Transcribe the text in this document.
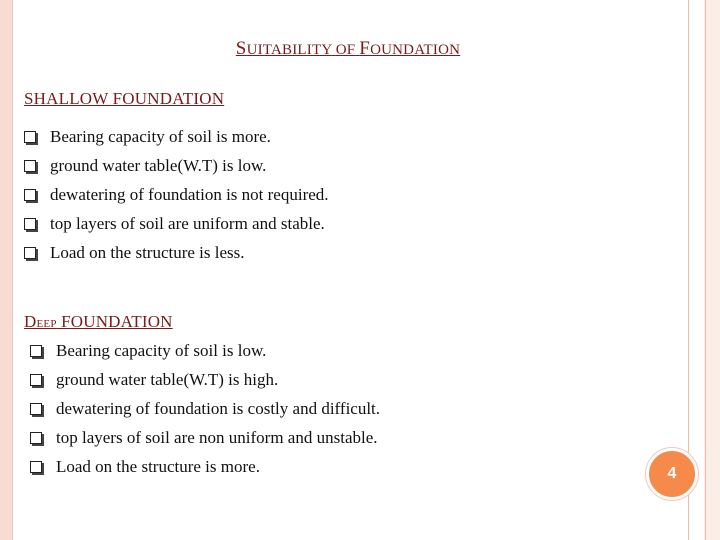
SUITABILITY OF FOUNDATION
SHALLOW FOUNDATION
Bearing capacity of soil is more.
ground water table(W.T) is low.
dewatering of foundation is not required.
top layers of soil are uniform and stable.
Load on the structure is less.
DEEP FOUNDATION
Bearing capacity of soil is low.
ground water table(W.T) is high.
dewatering of foundation is costly and difficult.
top layers of soil are non uniform and unstable.
Load on the structure is more.	4
